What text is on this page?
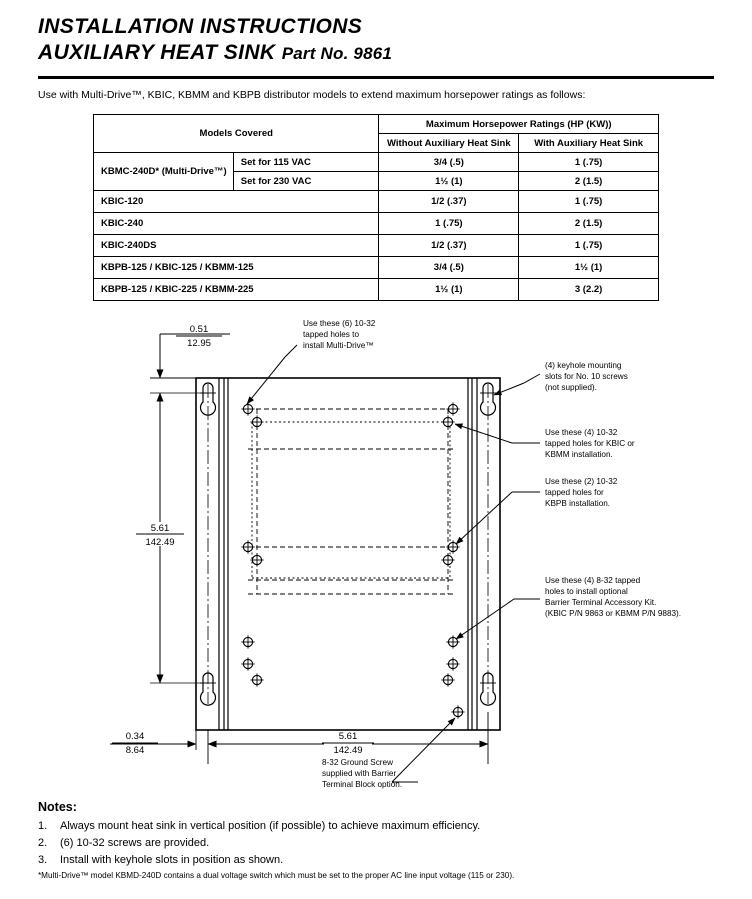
INSTALLATION INSTRUCTIONS
AUXILIARY HEAT SINK Part No. 9861
Use with Multi-Drive™, KBIC, KBMM and KBPB distributor models to extend maximum horsepower ratings as follows:
Models Covered		Maximum Horsepower Ratings (HP (KW))	
		Without Auxiliary Heat Sink	With Auxiliary Heat Sink
KBMC-240D* (Multi-Drive™)	Set for 115 VAC	3/4 (.5)	1 (.75)
	Set for 230 VAC	1½ (1)	2 (1.5)
KBIC-120		1/2 (.37)	1 (.75)
KBIC-240		1 (.75)	2 (1.5)
KBIC-240DS		1/2 (.37)	1 (.75)
KBPB-125 / KBIC-125 / KBMM-125		3/4 (.5)	1½ (1)
KBPB-125 / KBIC-225 / KBMM-225		1½ (1)	3 (2.2)
0.51
12.95
5.61
142.49
0.34
8.64
5.61
142.49
Use these (6) 10-32
tapped holes to
install Multi-Drive™
(4) keyhole mounting
slots for No. 10 screws
(not supplied).
Use these (4) 10-32
tapped holes for KBIC or
KBMM installation.
Use these (2) 10-32
tapped holes for
KBPB installation.
Use these (4) 8-32 tapped
holes to install optional
Barrier Terminal Accessory Kit.
(KBIC P/N 9863 or KBMM P/N 9883).
8-32 Ground Screw
supplied with Barrier
Terminal Block option.
Notes:
1.	Always mount heat sink in vertical position (if possible) to achieve maximum efficiency.
2.	(6) 10-32 screws are provided.
3.	Install with keyhole slots in position as shown.
*Multi-Drive™ model KBMD-240D contains a dual voltage switch which must be set to the proper AC line input voltage (115 or 230).
